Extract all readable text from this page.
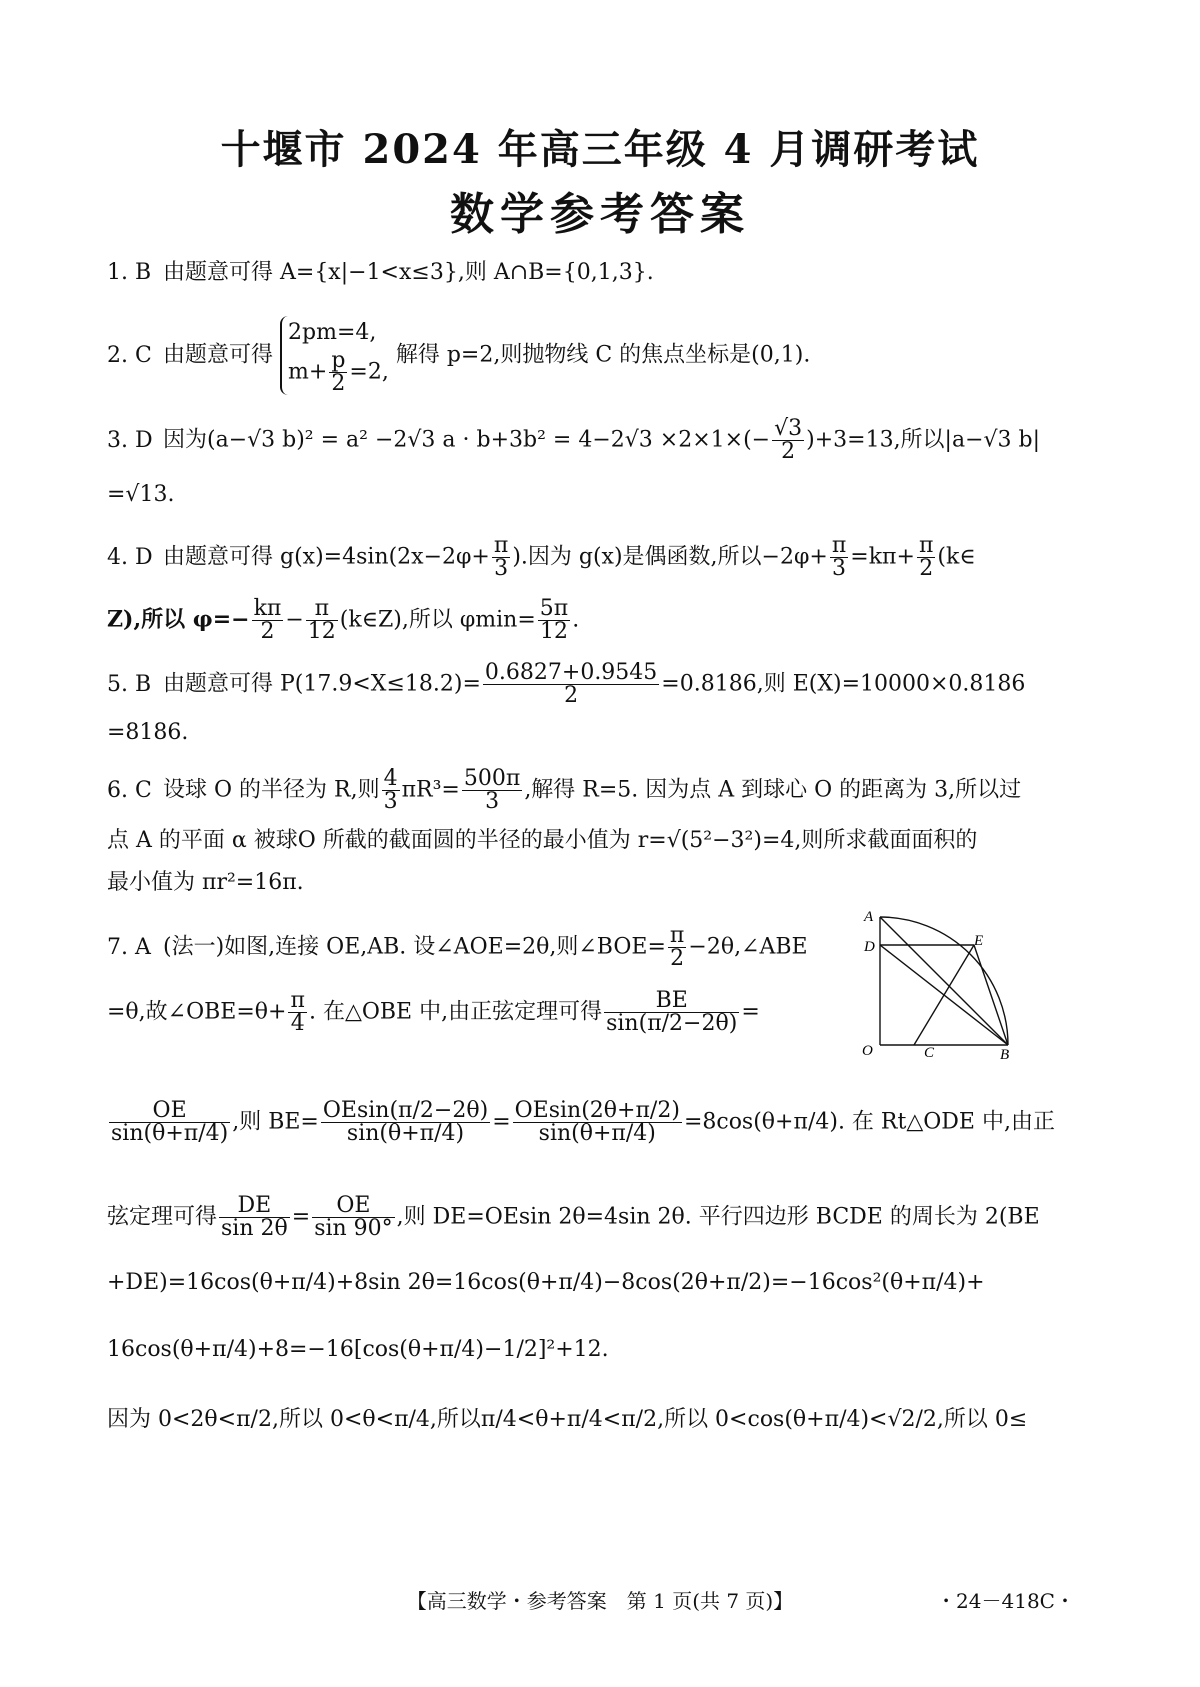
十堰市 2024 年高三年级 4 月调研考试
数学参考答案
1. B 由题意可得 A={x|−1<x≤3},则 A∩B={0,1,3}.
2. C 由题意可得
2pm=4,
$m+ \frac{p}{2} =2$,
解得 p=2,则抛物线 C 的焦点坐标是(0,1).
3. D 因为(a−√3 b)² = a² −2√3 $a \cdot b+3b^2 = 4-2√3 \times 2\times 1\times(- \frac{√3}{2} )+3=13$,所以|a−√3 b|
=√13.
4. D 由题意可得 $g(x)=4\sin(2x-2\varphi+ \frac{\pi}{3}$ ).因为 g(x)是偶函数,所以$-2\varphi+ \frac{\pi}{3} =k\pi+ \frac{\pi}{2}$ (k∈
Z),所以 $\varphi=- \frac{k\pi}{2} - \frac{\pi}{12}$ (k∈Z),所以 $\varphi\min= \frac{5\pi}{12}$ .
5. B 由题意可得 $P(17.9<X\le 18.2)= \frac{0.6827+0.9545}{2} =0.8186$,则 E(X)=10000×0.8186
=8186.
6. C 设球 O 的半径为 R,则 $\frac{4}{3} \pi R^3= \frac{500\pi}{3}$ ,解得 R=5. 因为点 A 到球心 O 的距离为 3,所以过
点 A 的平面 α 被球O 所截的截面圆的半径的最小值为 r=√(5²−3²)=4,则所求截面面积的
最小值为 πr²=16π.
7. A (法一)如图,连接 OE,AB. 设∠AOE=2θ,则∠BOE= $\frac{\pi}{2}$ −2θ,∠ABE
=θ,故∠OBE=θ+ $\frac{\pi}{4}$ . 在△OBE 中,由正弦定理可得 $\frac{BE}{\sin(\pi/2-2\theta)}$ =
$\frac{OE}{\sin(\theta+\pi/4)}$ ,则 $BE= \frac{OEsin(\pi/2-2\theta)}{\sin(\theta+\pi/4)} = \frac{OEsin(2\theta+\pi/2)}{\sin(\theta+\pi/4)} =8\cos(\theta+\pi/4)$. 在 Rt△ODE 中,由正
弦定理可得 $\frac{DE}{\sin 2\theta} = \frac{OE}{\sin 90^\circ}$ ,则 DE=OEsin 2θ=4sin 2θ. 平行四边形 BCDE 的周长为 2(BE
+DE)=16cos(θ+π/4)+8sin 2θ=16cos(θ+π/4)−8cos(2θ+π/2)=−16cos²(θ+π/4)+
16cos(θ+π/4)+8=−16[cos(θ+π/4)−1/2]²+12.
因为 0<2θ<π/2,所以 0<θ<π/4,所以π/4<θ+π/4<π/2,所以 0<cos(θ+π/4)<√2/2,所以 0≤
A
D	E
O	C	B
【高三数学・参考答案　第 1 页(共 7 页)】	・24－418C・
